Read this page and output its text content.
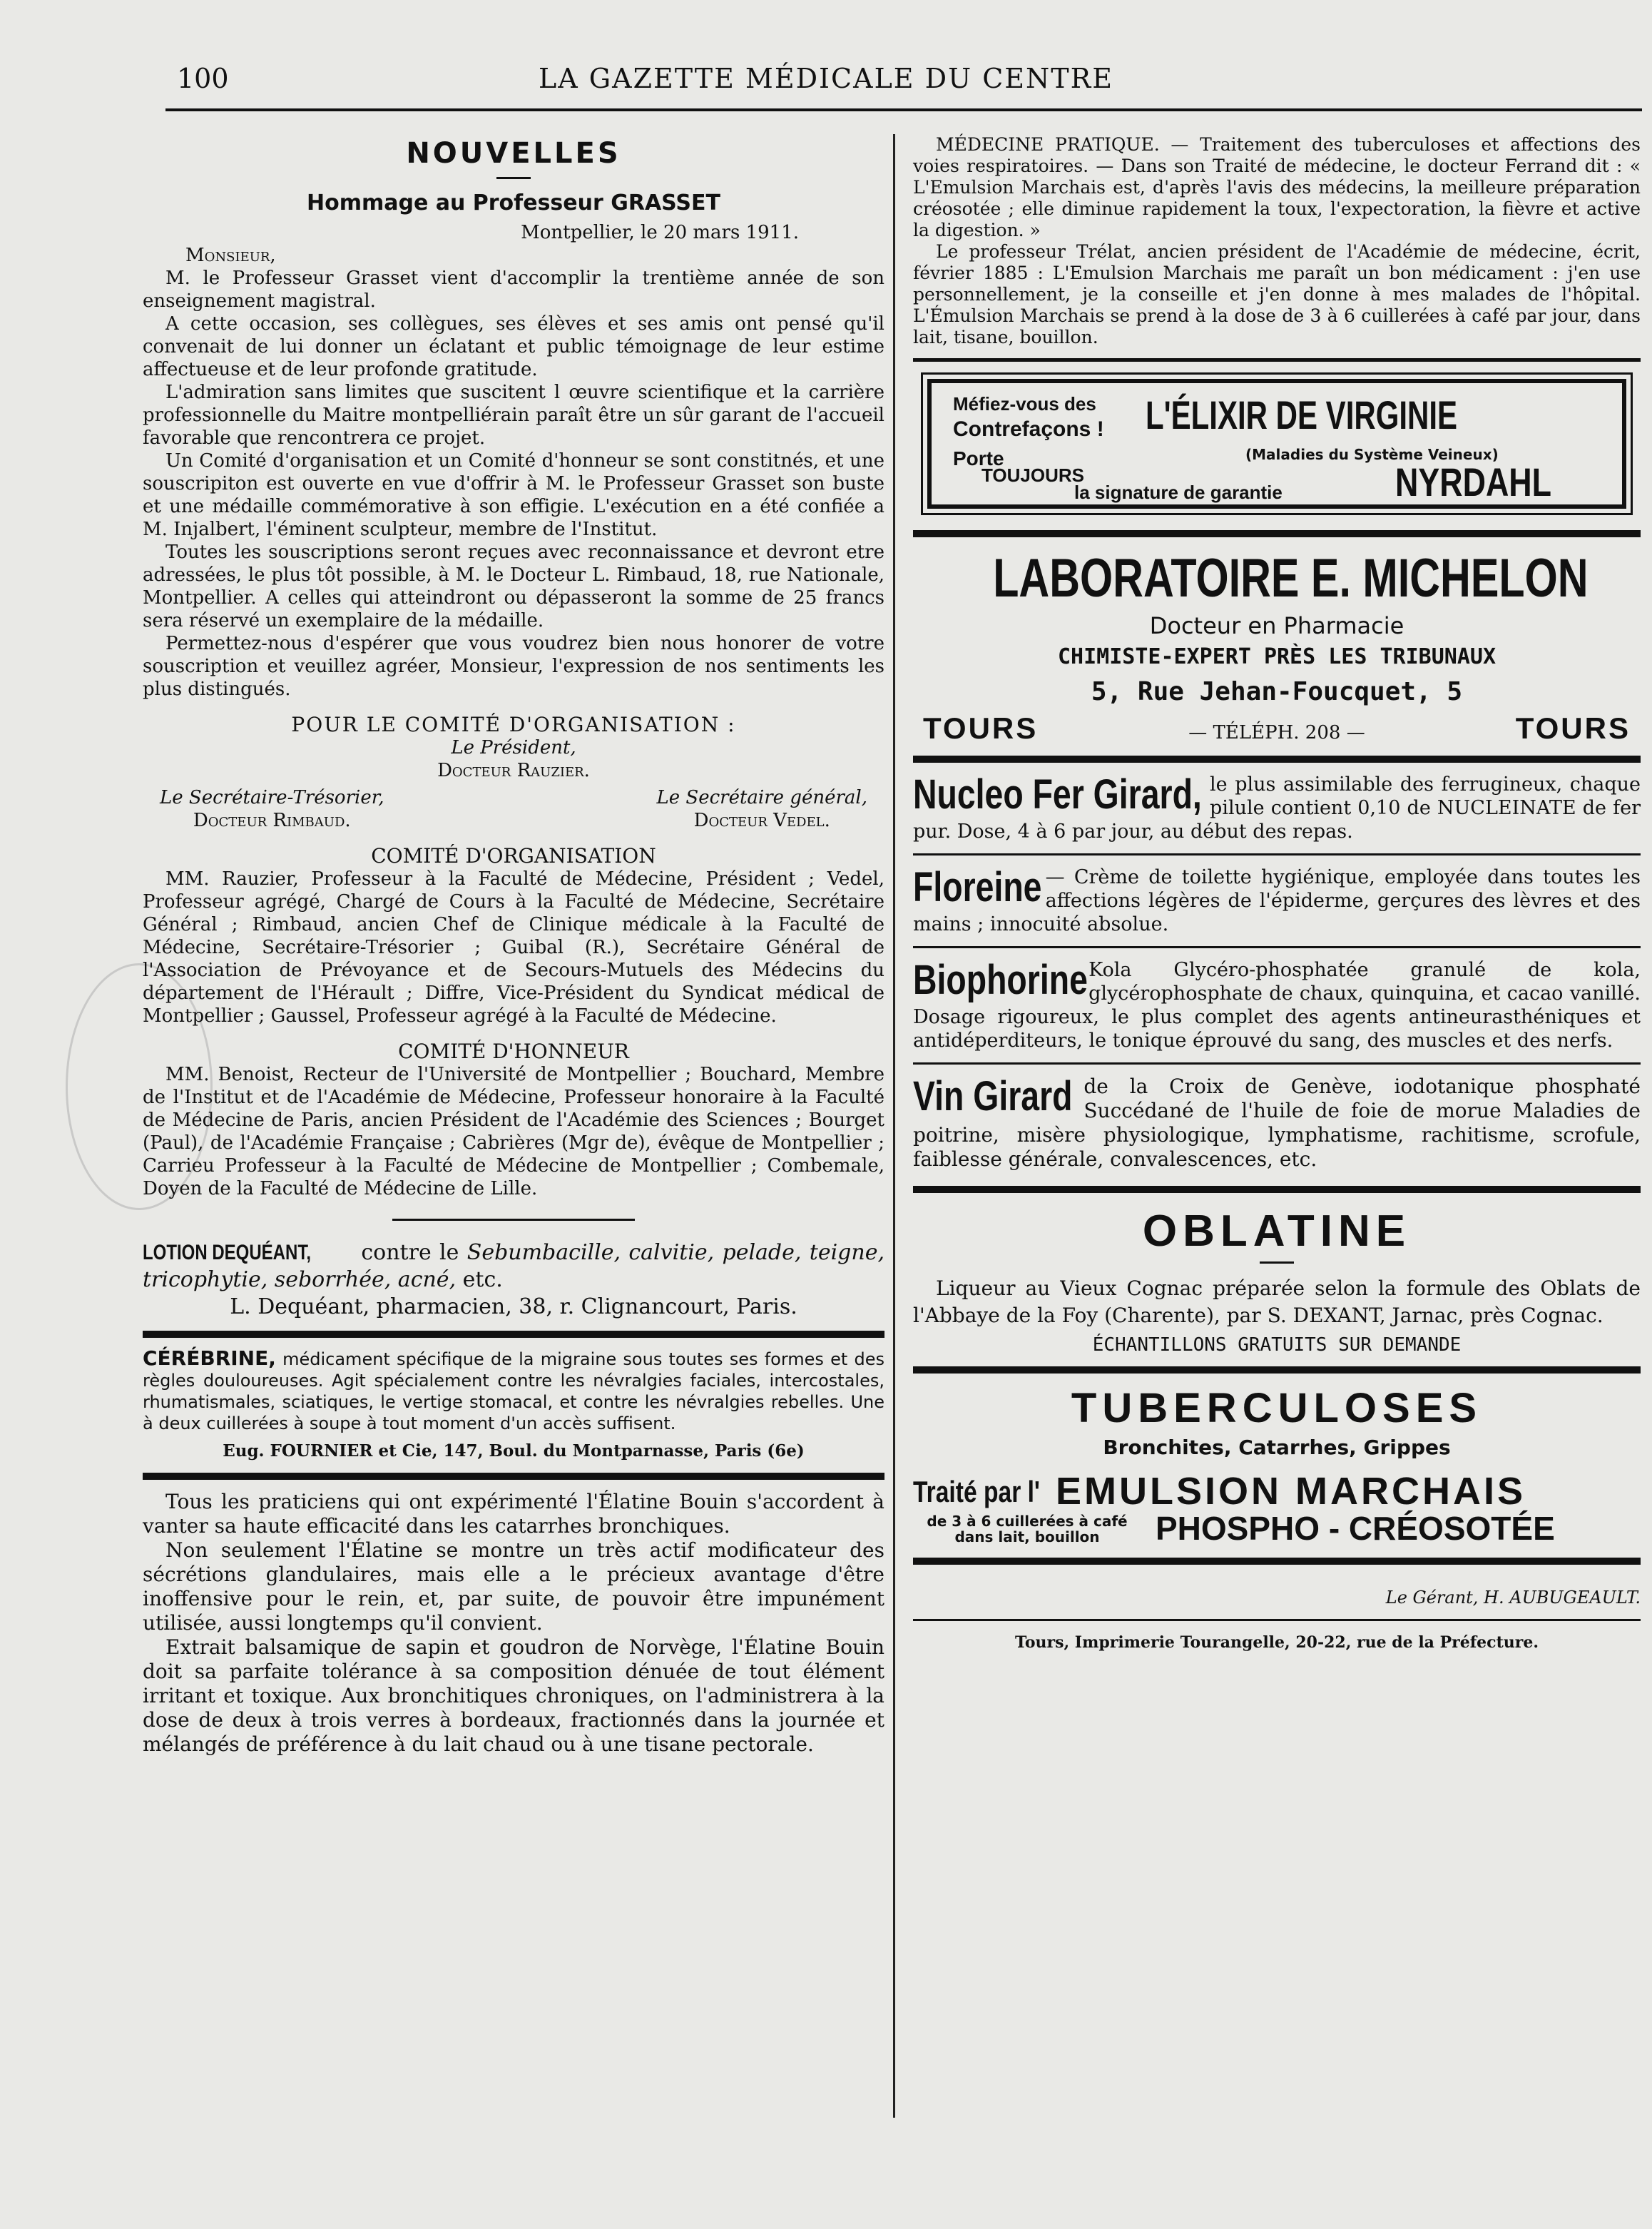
100	LA GAZETTE MÉDICALE DU CENTRE
NOUVELLES
Hommage au Professeur GRASSET

Montpellier, le 20 mars 1911.

Monsieur,

M. le Professeur Grasset vient d'accomplir la trentième année de son enseignement magistral.

A cette occasion, ses collègues, ses élèves et ses amis ont pensé qu'il convenait de lui donner un éclatant et public témoignage de leur estime affectueuse et de leur profonde gratitude.

L'admiration sans limites que suscitent l œuvre scientifique et la carrière professionnelle du Maitre montpelliérain paraît être un sûr garant de l'accueil favorable que rencontrera ce projet.

Un Comité d'organisation et un Comité d'honneur se sont constitnés, et une souscripiton est ouverte en vue d'offrir à M. le Professeur Grasset son buste et une médaille commémorative à son effigie. L'exécution en a été confiée a M. Injalbert, l'éminent sculpteur, membre de l'Institut.

Toutes les souscriptions seront reçues avec reconnaissance et devront etre adressées, le plus tôt possible, à M. le Docteur L. Rimbaud, 18, rue Nationale, Montpellier. A celles qui atteindront ou dépasseront la somme de 25 francs sera réservé un exemplaire de la médaille.

Permettez-nous d'espérer que vous voudrez bien nous honorer de votre souscription et veuillez agréer, Monsieur, l'expression de nos sentiments les plus distingués.

POUR LE COMITÉ D'ORGANISATION :

Le Président,

Docteur Rauzier.

Le Secrétaire-Trésorier,
Docteur Rimbaud.
Le Secrétaire général,
Docteur Vedel.

COMITÉ D'ORGANISATION

MM. Rauzier, Professeur à la Faculté de Médecine, Président ; Vedel, Professeur agrégé, Chargé de Cours à la Faculté de Médecine, Secrétaire Général ; Rimbaud, ancien Chef de Clinique médicale à la Faculté de Médecine, Secrétaire-Trésorier ; Guibal (R.), Secrétaire Général de l'Association de Prévoyance et de Secours-Mutuels des Médecins du département de l'Hérault ; Diffre, Vice-Président du Syndicat médical de Montpellier ; Gaussel, Professeur agrégé à la Faculté de Médecine.

COMITÉ D'HONNEUR

MM. Benoist, Recteur de l'Université de Montpellier ; Bouchard, Membre de l'Institut et de l'Académie de Médecine, Professeur honoraire à la Faculté de Médecine de Paris, ancien Président de l'Académie des Sciences ; Bourget (Paul), de l'Académie Française ; Cabrières (Mgr de), évêque de Montpellier ; Carrieu Professeur à la Faculté de Médecine de Montpellier ; Combemale, Doyen de la Faculté de Médecine de Lille.

LOTION DEQUÉANT, contre le Sebumbacille, calvitie, pelade, teigne, tricophytie, seborrhée, acné, etc.

L. Dequéant, pharmacien, 38, r. Clignancourt, Paris.

CÉRÉBRINE, médicament spécifique de la migraine sous toutes ses formes et des règles douloureuses. Agit spécialement contre les névralgies faciales, intercostales, rhumatismales, sciatiques, le vertige stomacal, et contre les névralgies rebelles. Une à deux cuillerées à soupe à tout moment d'un accès suffisent.

Eug. FOURNIER et Cie, 147, Boul. du Montparnasse, Paris (6e)

Tous les praticiens qui ont expérimenté l'Élatine Bouin s'accordent à vanter sa haute efficacité dans les catarrhes bronchiques.

Non seulement l'Élatine se montre un très actif modificateur des sécrétions glandulaires, mais elle a le précieux avantage d'être inoffensive pour le rein, et, par suite, de pouvoir être impunément utilisée, aussi longtemps qu'il convient.

Extrait balsamique de sapin et goudron de Norvège, l'Élatine Bouin doit sa parfaite tolérance à sa composition dénuée de tout élément irritant et toxique. Aux bronchitiques chroniques, on l'administrera à la dose de deux à trois verres à bordeaux, fractionnés dans la journée et mélangés de préférence à du lait chaud ou à une tisane pectorale.

MÉDECINE PRATIQUE. — Traitement des tuberculoses et affections des voies respiratoires. — Dans son Traité de médecine, le docteur Ferrand dit : « L'Emulsion Marchais est, d'après l'avis des médecins, la meilleure préparation créosotée ; elle diminue rapidement la toux, l'expectoration, la fièvre et active la digestion. »

Le professeur Trélat, ancien président de l'Académie de médecine, écrit, février 1885 : L'Emulsion Marchais me paraît un bon médicament : j'en use personnellement, je la conseille et j'en donne à mes malades de l'hôpital. L'Émulsion Marchais se prend à la dose de 3 à 6 cuillerées à café par jour, dans lait, tisane, bouillon.

Méfiez-vous des
Contrefaçons ! L'ÉLIXIR DE VIRGINIE
(Maladies du Système Veineux)
Porte
TOUJOURS
la signature de garantie	NYRDAHL
LABORATOIRE E. MICHELON

Docteur en Pharmacie

CHIMISTE-EXPERT PRÈS LES TRIBUNAUX

5, Rue Jehan-Foucquet, 5

TOURS	— TÉLÉPH. 208 —	TOURS

Nucleo Fer Girard, le plus assimilable des ferrugineux, chaque pilule contient 0,10 de NUCLEINATE de fer pur. Dose, 4 à 6 par jour, au début des repas.

Floreine — Crème de toilette hygiénique, employée dans toutes les affections légères de l'épiderme, gerçures des lèvres et des mains ; innocuité absolue.

Biophorine Kola Glycéro-phosphatée granulé de kola, glycérophosphate de chaux, quinquina, et cacao vanillé. Dosage rigoureux, le plus complet des agents antineurasthéniques et antidéperditeurs, le tonique éprouvé du sang, des muscles et des nerfs.

Vin Girard de la Croix de Genève, iodotanique phosphaté Succédané de l'huile de foie de morue Maladies de poitrine, misère physiologique, lymphatisme, rachitisme, scrofule, faiblesse générale, convalescences, etc.

OBLATINE

Liqueur au Vieux Cognac préparée selon la formule des Oblats de l'Abbaye de la Foy (Charente), par S. DEXANT, Jarnac, près Cognac.

ÉCHANTILLONS GRATUITS SUR DEMANDE

TUBERCULOSES

Bronchites, Catarrhes, Grippes

Traité par l' EMULSION MARCHAIS
de 3 à 6 cuillerées à café dans lait, bouillon	PHOSPHO - CRÉOSOTÉE

Le Gérant, H. AUBUGEAULT.

Tours, Imprimerie Tourangelle, 20-22, rue de la Préfecture.
